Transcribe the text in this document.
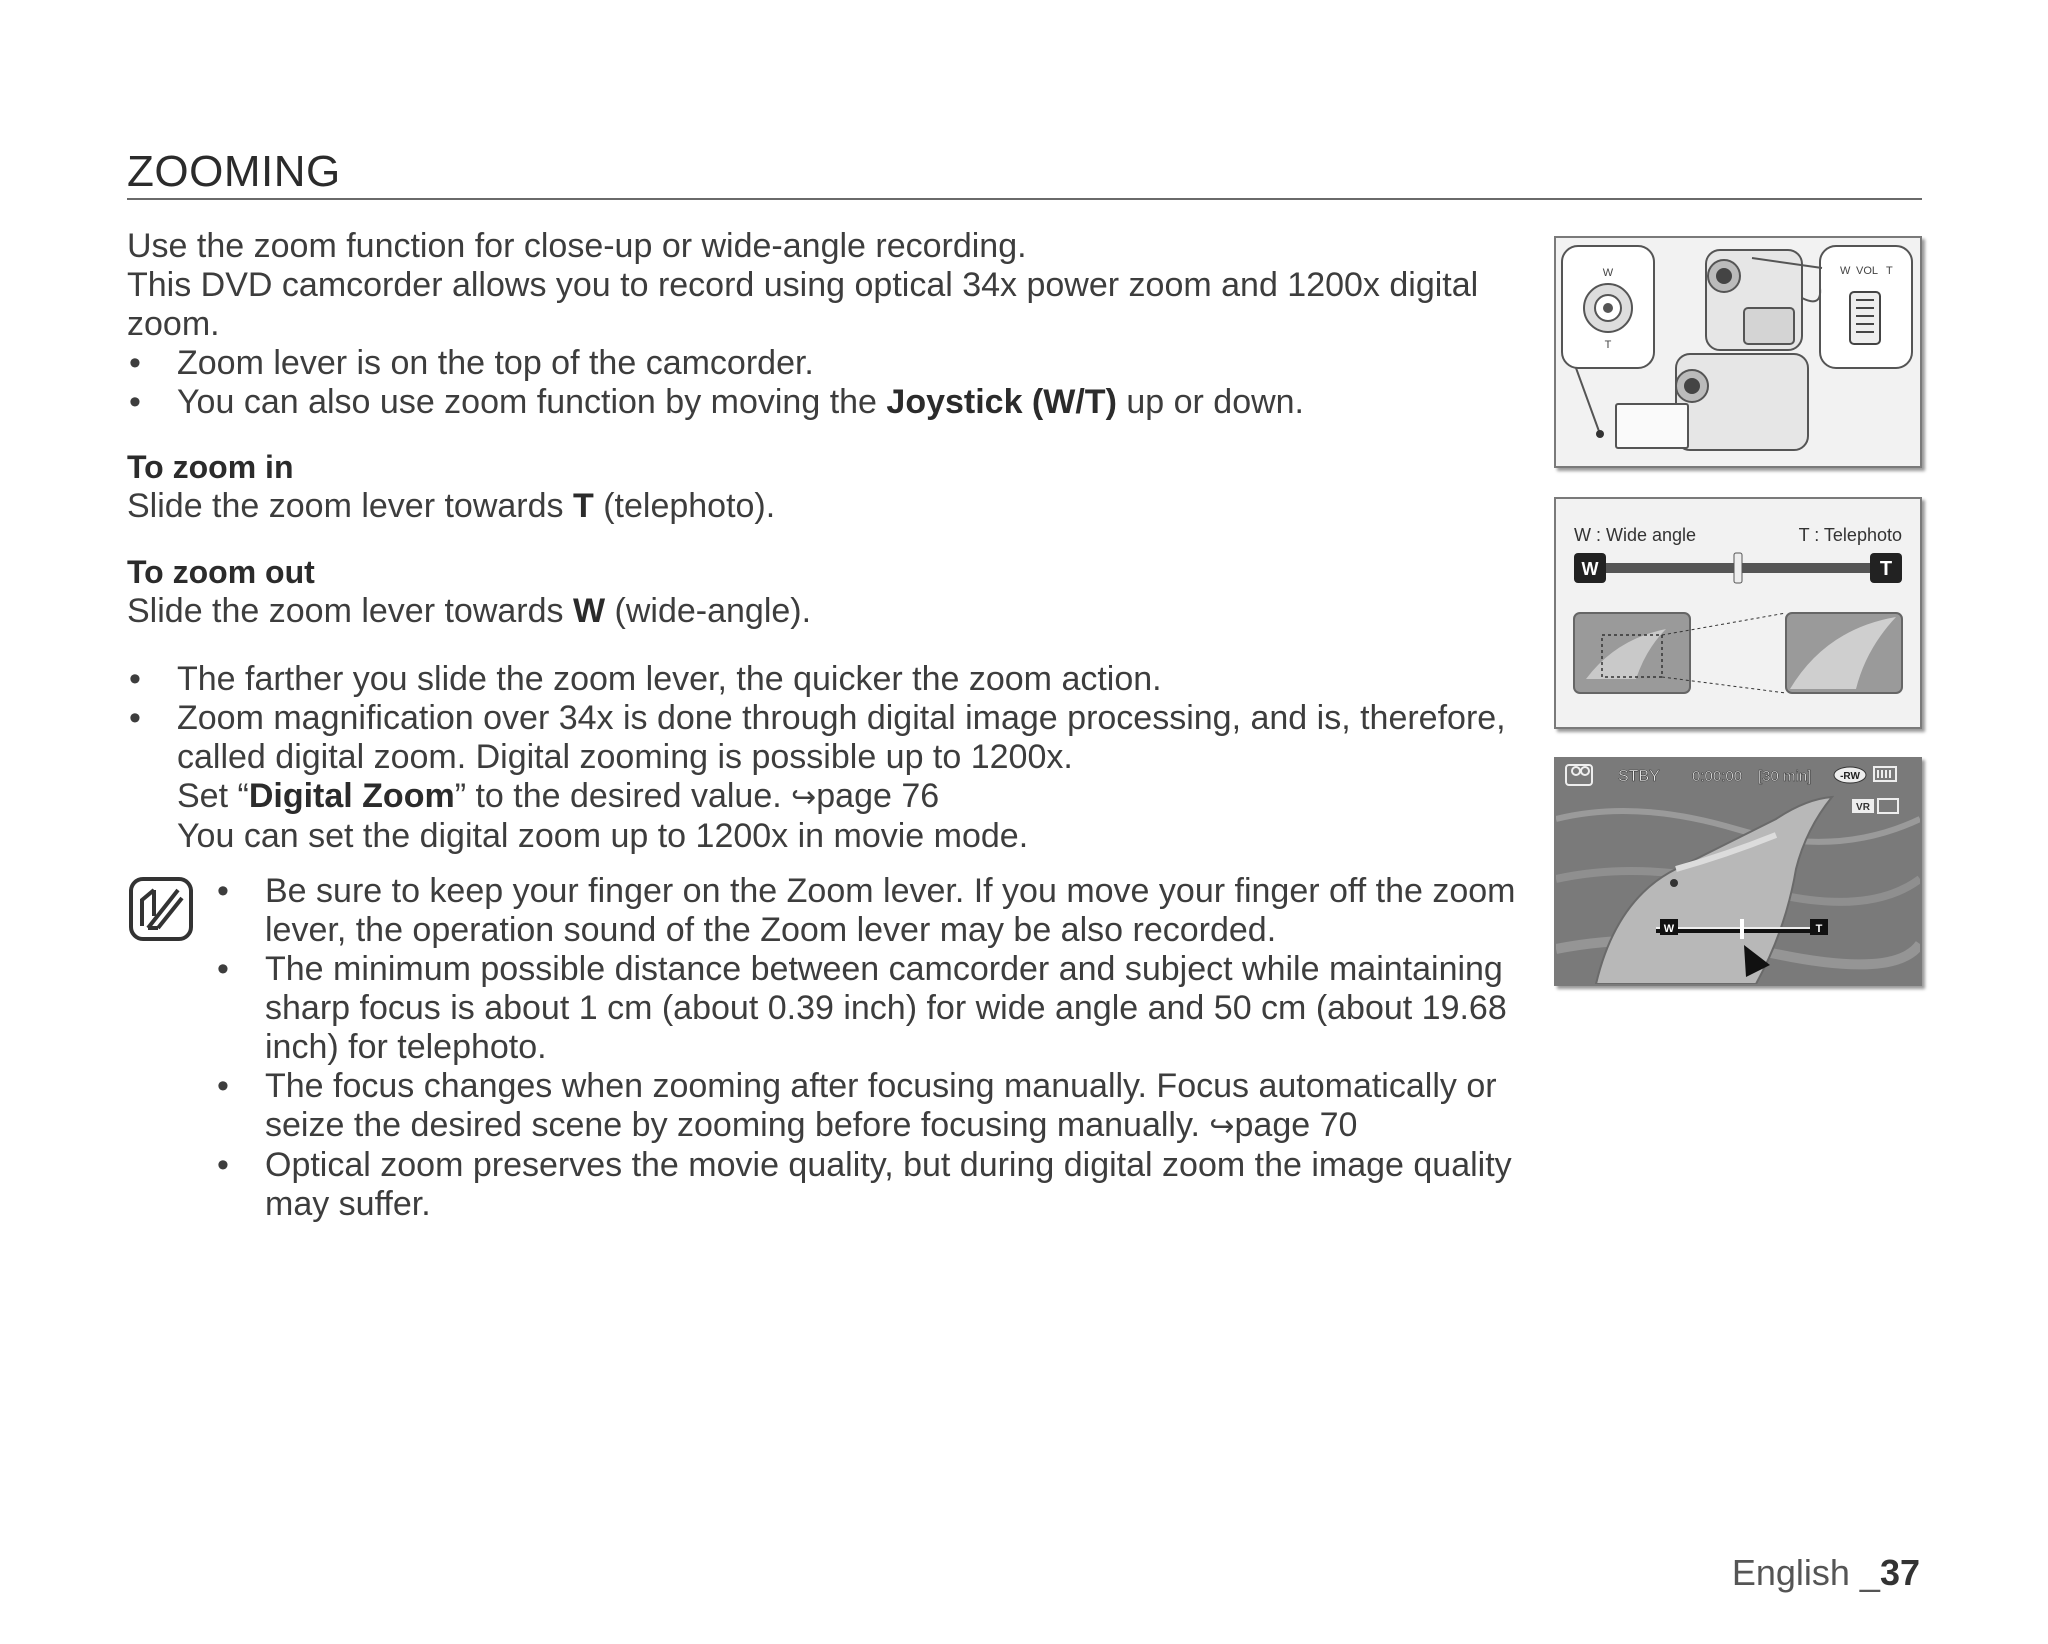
ZOOMING

Use the zoom function for close-up or wide-angle recording.

This DVD camcorder allows you to record using optical 34x power zoom and 1200x digital zoom.

• Zoom lever is on the top of the camcorder.
• You can also use zoom function by moving the Joystick (W/T) up or down.
To zoom in
Slide the zoom lever towards T (telephoto).
To zoom out
Slide the zoom lever towards W (wide-angle).
• The farther you slide the zoom lever, the quicker the zoom action.
• Zoom magnification over 34x is done through digital image processing, and is, therefore, called digital zoom. Digital zooming is possible up to 1200x.
Set “Digital Zoom” to the desired value. ↪page 76
You can set the digital zoom up to 1200x in movie mode.
• Be sure to keep your finger on the Zoom lever. If you move your finger off the zoom lever, the operation sound of the Zoom lever may be also recorded.
• The minimum possible distance between camcorder and subject while maintaining sharp focus is about 1 cm (about 0.39 inch) for wide angle and 50 cm (about 19.68 inch) for telephoto.
• The focus changes when zooming after focusing manually. Focus automatically or seize the desired scene by zooming before focusing manually. ↪page 70
• Optical zoom preserves the movie quality, but during digital zoom the image quality may suffer.
W
T
W VOL T
W : Wide angle	T : Telephoto
W	T
STBY 0:00:00 [30 min]	-RW
VR
W	T
English _37
